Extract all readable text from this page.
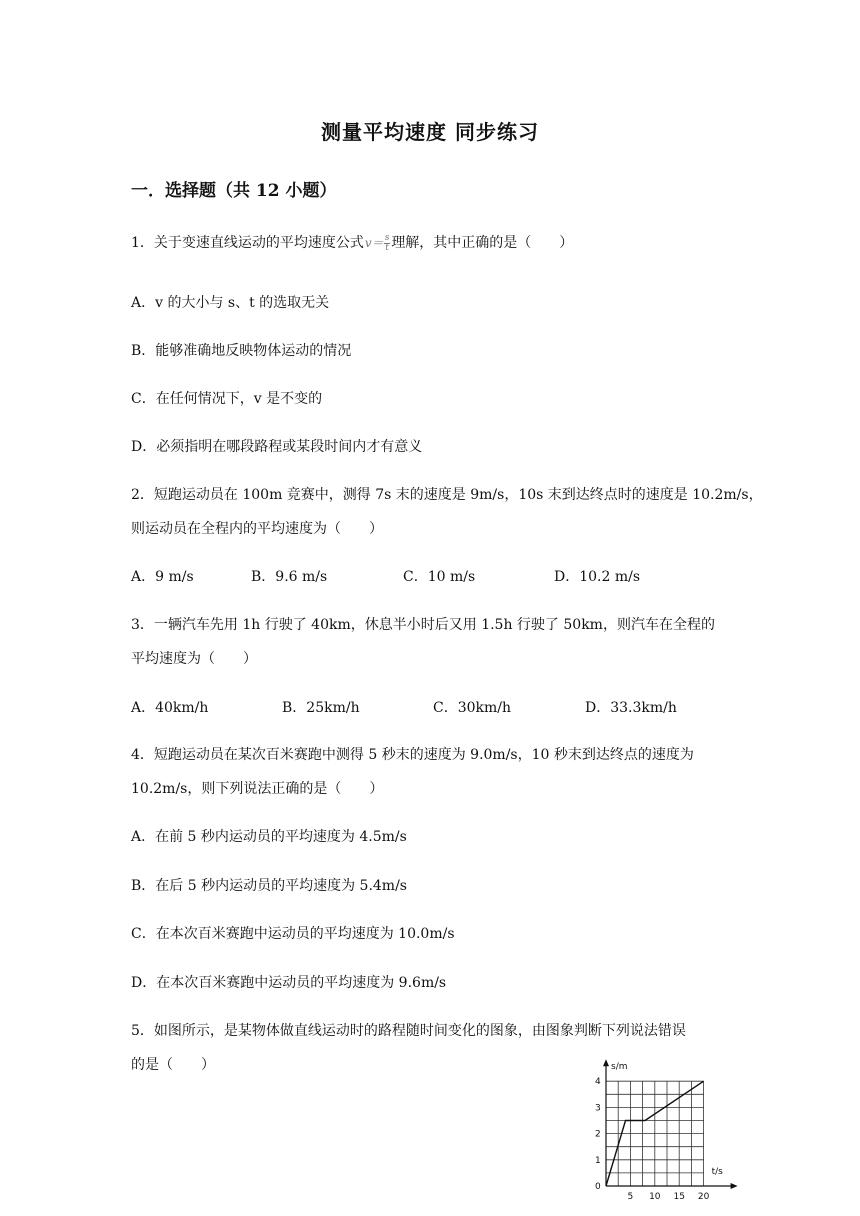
测量平均速度 同步练习
一．选择题（共 12 小题）
1．关于变速直线运动的平均速度公式$v= \frac{s}{t}$ 理解，其中正确的是（　　）
A．v 的大小与 s、t 的选取无关
B．能够准确地反映物体运动的情况
C．在任何情况下，v 是不变的
D．必须指明在哪段路程或某段时间内才有意义
2．短跑运动员在 100m 竞赛中，测得 7s 末的速度是 9m/s，10s 末到达终点时的速度是 10.2m/s，
则运动员在全程内的平均速度为（　　）
A．9 m/s	B．9.6 m/s	C．10 m/s	D．10.2 m/s
3．一辆汽车先用 1h 行驶了 40km，休息半小时后又用 1.5h 行驶了 50km，则汽车在全程的
平均速度为（　　）
A．40km/h	B．25km/h	C．30km/h	D．33.3km/h
4．短跑运动员在某次百米赛跑中测得 5 秒末的速度为 9.0m/s，10 秒末到达终点的速度为
10.2m/s，则下列说法正确的是（　　）
A．在前 5 秒内运动员的平均速度为 4.5m/s
B．在后 5 秒内运动员的平均速度为 5.4m/s
C．在本次百米赛跑中运动员的平均速度为 10.0m/s
D．在本次百米赛跑中运动员的平均速度为 9.6m/s
5．如图所示，是某物体做直线运动时的路程随时间变化的图象，由图象判断下列说法错误
的是（　　）	s/m
t/s
0
5 10 15 20
1
2
3
4
